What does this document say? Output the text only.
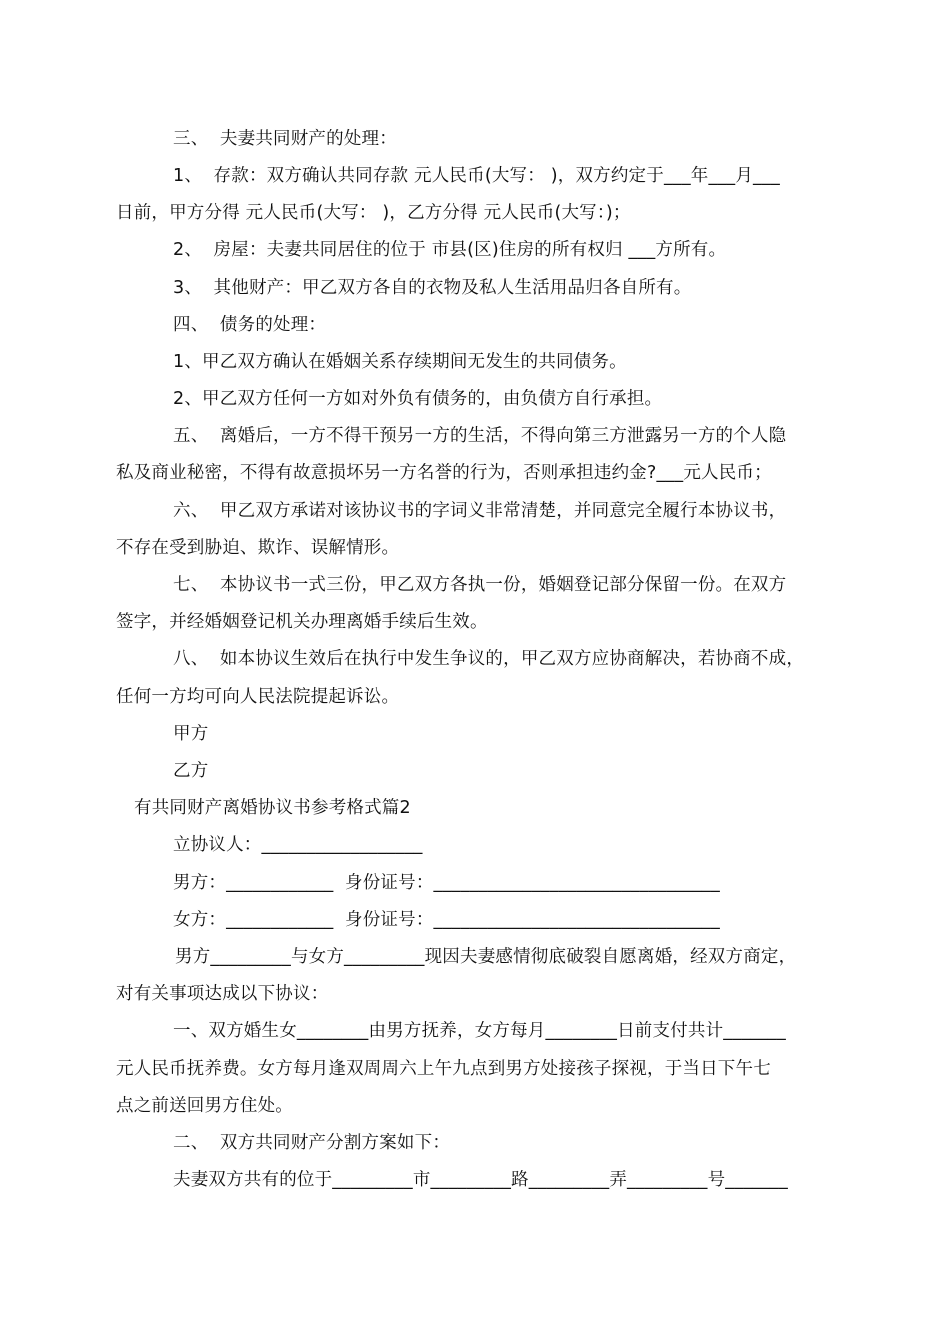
三、  夫妻共同财产的处理：
1、  存款：双方确认共同存款 元人民币(大写： )，双方约定于___年___月___
日前，甲方分得 元人民币(大写： )，乙方分得 元人民币(大写：)；
2、  房屋：夫妻共同居住的位于 市县(区)住房的所有权归 ___方所有。
3、  其他财产：甲乙双方各自的衣物及私人生活用品归各自所有。
四、  债务的处理：
1、甲乙双方确认在婚姻关系存续期间无发生的共同债务。
2、甲乙双方任何一方如对外负有债务的，由负债方自行承担。
五、  离婚后，一方不得干预另一方的生活，不得向第三方泄露另一方的个人隐
私及商业秘密，不得有故意损坏另一方名誉的行为，否则承担违约金?___元人民币；
六、  甲乙双方承诺对该协议书的字词义非常清楚，并同意完全履行本协议书，
不存在受到胁迫、欺诈、误解情形。
七、  本协议书一式三份，甲乙双方各执一份，婚姻登记部分保留一份。在双方
签字，并经婚姻登记机关办理离婚手续后生效。
八、  如本协议生效后在执行中发生争议的，甲乙双方应协商解决，若协商不成，
任何一方均可向人民法院提起诉讼。
甲方
乙方
有共同财产离婚协议书参考格式篇2
立协议人：__________________
男方：____________  身份证号：________________________________
女方：____________  身份证号：________________________________
男方_________与女方_________现因夫妻感情彻底破裂自愿离婚，经双方商定，
对有关事项达成以下协议：
一、双方婚生女________由男方抚养，女方每月________日前支付共计_______
元人民币抚养费。女方每月逢双周周六上午九点到男方处接孩子探视，于当日下午七
点之前送回男方住处。
二、  双方共同财产分割方案如下：
夫妻双方共有的位于_________市_________路_________弄_________号_______
